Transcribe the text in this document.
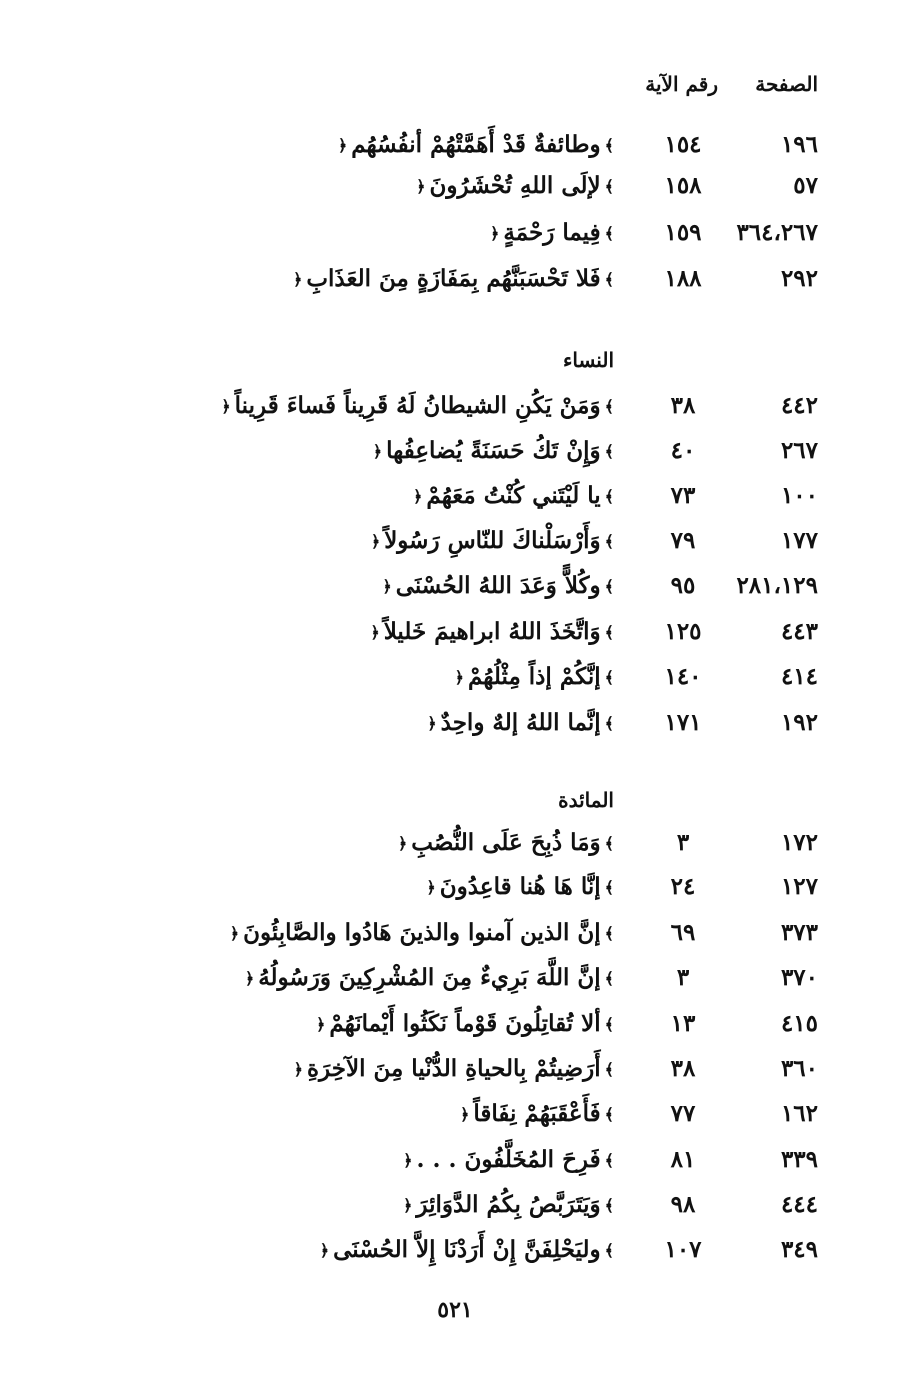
الصفحة
رقم الآية
١٩٦
١٥٤
﴾وطائفةٌ قَدْ أَهَمَّتْهُمْ أنفُسُهُم﴿
٥٧
١٥٨
﴾لإلَى اللهِ تُحْشَرُونَ﴿
٣٦٤،٢٦٧
١٥٩
﴾فِيما رَحْمَةٍ﴿
٢٩٢
١٨٨
﴾فَلا تَحْسَبَنَّهُم بِمَفَازَةٍ مِنَ العَذَابِ﴿
النساء
٤٤٢
٣٨
﴾وَمَنْ يَكُنِ الشيطانُ لَهُ قَرِيناً فَساءَ قَرِيناً﴿
٢٦٧
٤٠
﴾وَإِنْ تَكُ حَسَنَةً يُضاعِفُها﴿
١٠٠
٧٣
﴾يا لَيْتَني كُنْتُ مَعَهُمْ﴿
١٧٧
٧٩
﴾وَأَرْسَلْناكَ للنّاسِ رَسُولاً﴿
٢٨١،١٢٩
٩٥
﴾وكُلاًّ وَعَدَ اللهُ الحُسْنَى﴿
٤٤٣
١٢٥
﴾وَاتَّخَذَ اللهُ ابراهيمَ خَليلاً﴿
٤١٤
١٤٠
﴾إنَّكُمْ إذاً مِثْلُهُمْ﴿
١٩٢
١٧١
﴾إنَّما اللهُ إلهٌ واحِدٌ﴿
المائدة
١٧٢
٣
﴾وَمَا ذُبِحَ عَلَى النُّصُبِ﴿
١٢٧
٢٤
﴾إنَّا هَا هُنا قاعِدُونَ﴿
٣٧٣
٦٩
﴾إنَّ الذين آمنوا والذينَ هَادُوا والصَّابِئُونَ﴿
٣٧٠
٣
﴾إنَّ اللَّهَ بَرِيءٌ مِنَ المُشْرِكِينَ وَرَسُولُهُ﴿
٤١٥
١٣
﴾ألا تُقاتِلُونَ قَوْماً نَكَثُوا أَيْمانَهُمْ﴿
٣٦٠
٣٨
﴾أَرَضِيتُمْ بِالحياةِ الدُّنْيا مِنَ الآخِرَةِ﴿
١٦٢
٧٧
﴾فَأَعْقَبَهُمْ نِفَاقاً﴿
٣٣٩
٨١
﴾فَرِحَ المُخَلَّفُونَ . . .﴿
٤٤٤
٩٨
﴾وَيَتَرَبَّصُ بِكُمُ الدَّوَائِرَ﴿
٣٤٩
١٠٧
﴾وليَحْلِفَنَّ إِنْ أَرَدْنَا إِلاَّ الحُسْنَى﴿
٥٢١
